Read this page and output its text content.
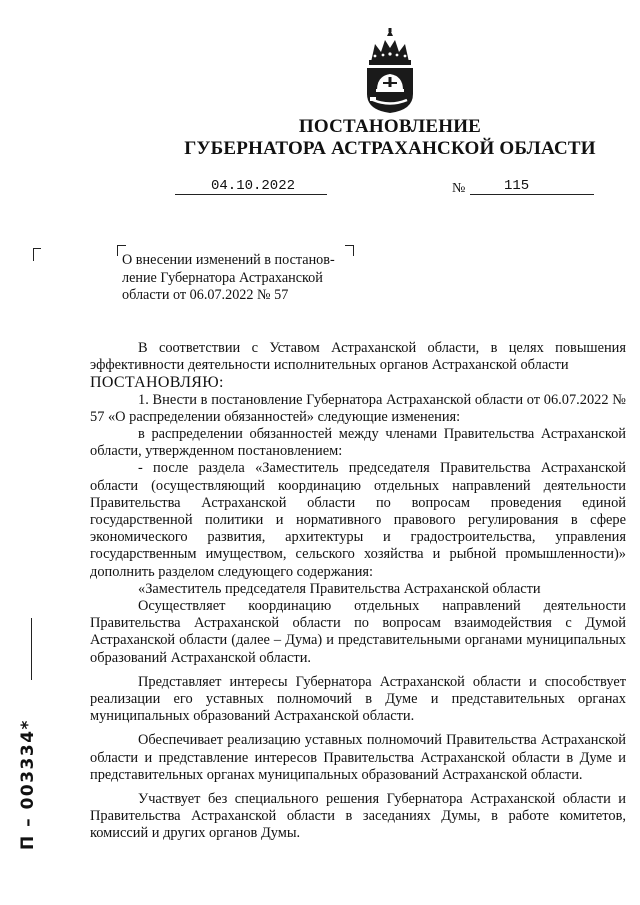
ПОСТАНОВЛЕНИЕ
ГУБЕРНАТОРА АСТРАХАНСКОЙ ОБЛАСТИ
04.10.2022	№	115

О внесении изменений в постанов-

ление Губернатора Астраханской

области от 06.07.2022 № 57

В соответствии с Уставом Астраханской области, в целях повышения эффективности деятельности исполнительных органов Астраханской области

ПОСТАНОВЛЯЮ:

1. Внести в постановление Губернатора Астраханской области от 06.07.2022 № 57 «О распределении обязанностей» следующие изменения:

в распределении обязанностей между членами Правительства Астраханской области, утвержденном постановлением:

- после раздела «Заместитель председателя Правительства Астраханской области (осуществляющий координацию отдельных направлений деятельности Правительства Астраханской области по вопросам проведения единой государственной политики и нормативного правового регулирования в сфере экономического развития, архитектуры и градостроительства, управления государственным имуществом, сельского хозяйства и рыбной промышленности)» дополнить разделом следующего содержания:

«Заместитель председателя Правительства Астраханской области

Осуществляет координацию отдельных направлений деятельности Правительства Астраханской области по вопросам взаимодействия с Думой Астраханской области (далее – Дума) и представительными органами муниципальных образований Астраханской области.

Представляет интересы Губернатора Астраханской области и способствует реализации его уставных полномочий в Думе и представительных органах муниципальных образований Астраханской области.

Обеспечивает реализацию уставных полномочий Правительства Астраханской области и представление интересов Правительства Астраханской области в Думе и представительных органах муниципальных образований Астраханской области.

Участвует без специального решения Губернатора Астраханской области и Правительства Астраханской области в заседаниях Думы, в работе комитетов, комиссий и других органов Думы.

П – 003334*
